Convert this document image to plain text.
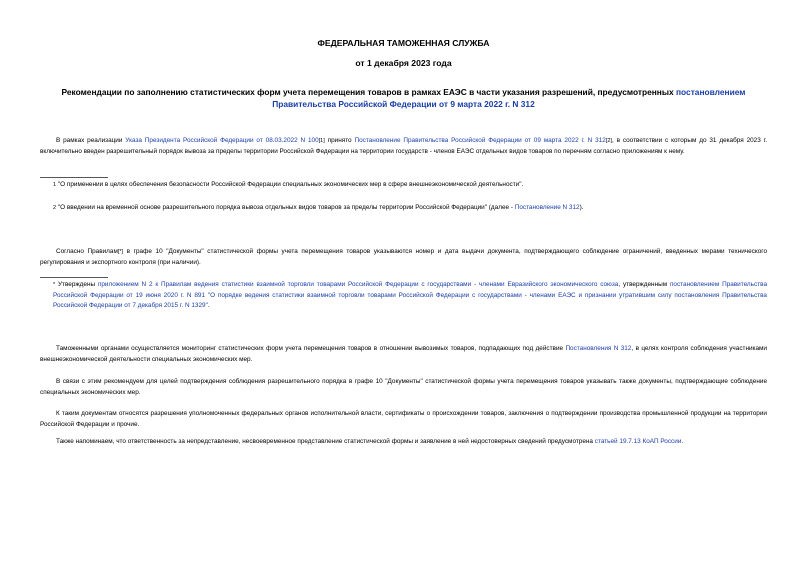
ФЕДЕРАЛЬНАЯ ТАМОЖЕННАЯ СЛУЖБА
от 1 декабря 2023 года
Рекомендации по заполнению статистических форм учета перемещения товаров в рамках ЕАЭС в части указания разрешений, предусмотренных постановлением Правительства Российской Федерации от 9 марта 2022 г. N 312
В рамках реализации Указа Президента Российской Федерации от 08.03.2022 N 100[1] принято Постановление Правительства Российской Федерации от 09 марта 2022 г. N 312[2], в соответствии с которым до 31 декабря 2023 г. включительно введен разрешительный порядок вывоза за пределы территории Российской Федерации на территории государств - членов ЕАЭС отдельных видов товаров по перечням согласно приложениям к нему.
1 "О применении в целях обеспечения безопасности Российской Федерации специальных экономических мер в сфере внешнеэкономической деятельности".
2 "О введении на временной основе разрешительного порядка вывоза отдельных видов товаров за пределы территории Российской Федерации" (далее - Постановление N 312).
Согласно Правилам[*] в графе 10 "Документы" статистической формы учета перемещения товаров указываются номер и дата выдачи документа, подтверждающего соблюдение ограничений, введенных мерами технического регулирования и экспортного контроля (при наличии).
* Утверждены приложением N 2 к Правилам ведения статистики взаимной торговли товарами Российской Федерации с государствами - членами Евразийского экономического союза, утвержденным постановлением Правительства Российской Федерации от 19 июня 2020 г. N 891 "О порядке ведения статистики взаимной торговли товарами Российской Федерации с государствами - членами ЕАЭС и признании утратившим силу постановления Правительства Российской Федерации от 7 декабря 2015 г. N 1329".
Таможенными органами осуществляется мониторинг статистических форм учета перемещения товаров в отношении вывозимых товаров, подпадающих под действие Постановления N 312, в целях контроля соблюдения участниками внешнеэкономической деятельности специальных экономических мер.
В связи с этим рекомендуем для целей подтверждения соблюдения разрешительного порядка в графе 10 "Документы" статистической формы учета перемещения товаров указывать также документы, подтверждающие соблюдение специальных экономических мер.
К таким документам относятся разрешения уполномоченных федеральных органов исполнительной власти, сертификаты о происхождении товаров, заключения о подтверждении производства промышленной продукции на территории Российской Федерации и прочие.
Также напоминаем, что ответственность за непредставление, несвоевременное представление статистической формы и заявление в ней недостоверных сведений предусмотрена статьей 19.7.13 КоАП России.
